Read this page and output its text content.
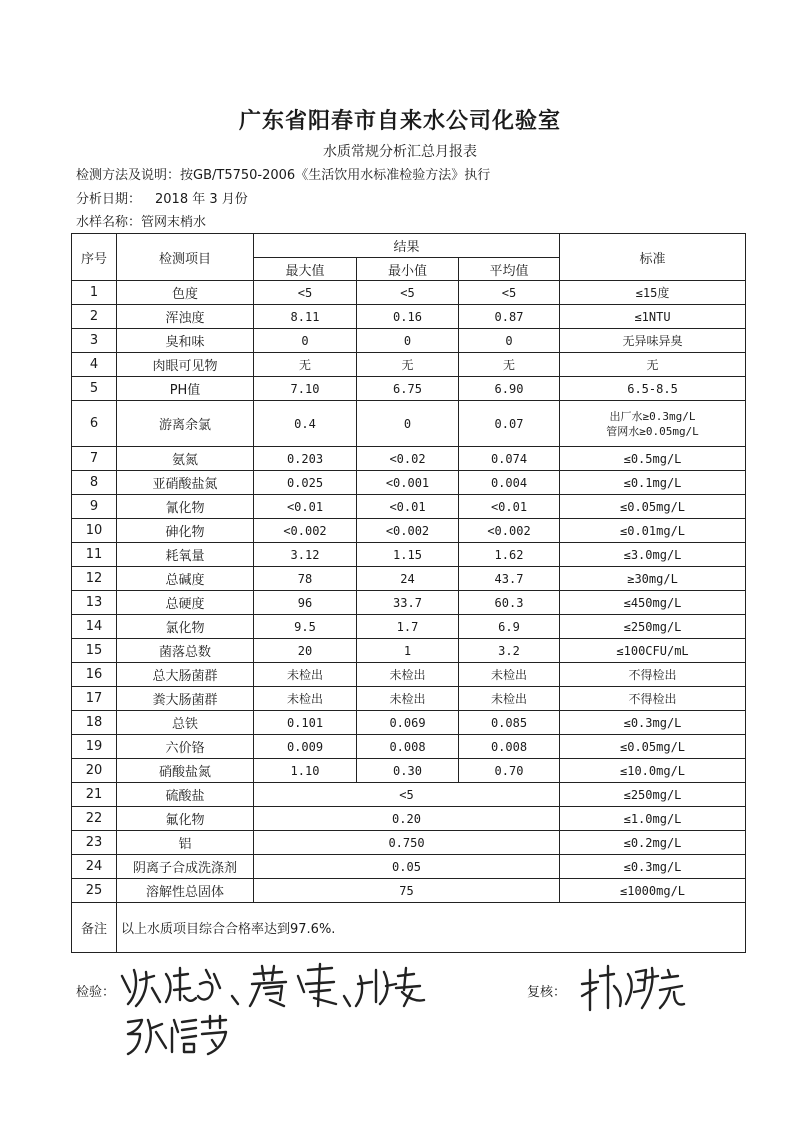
广东省阳春市自来水公司化验室
水质常规分析汇总月报表
检测方法及说明：按GB/T5750-2006《生活饮用水标准检验方法》执行
分析日期： 2018 年 3 月份
水样名称：管网末梢水
序号	检测项目	结果			标准
		最大值	最小值	平均值	
1	色度	<5	<5	<5	≤15度
2	浑浊度	8.11	0.16	0.87	≤1NTU
3	臭和味	0	0	0	无异味异臭
4	肉眼可见物	无	无	无	无
5	PH值	7.10	6.75	6.90	6.5-8.5
6	游离余氯	0.4	0	0.07	出厂水≥0.3mg/L
管网水≥0.05mg/L

7	氨氮	0.203	<0.02	0.074	≤0.5mg/L
8	亚硝酸盐氮	0.025	<0.001	0.004	≤0.1mg/L
9	氰化物	<0.01	<0.01	<0.01	≤0.05mg/L
10	砷化物	<0.002	<0.002	<0.002	≤0.01mg/L
11	耗氧量	3.12	1.15	1.62	≤3.0mg/L
12	总碱度	78	24	43.7	≥30mg/L
13	总硬度	96	33.7	60.3	≤450mg/L
14	氯化物	9.5	1.7	6.9	≤250mg/L
15	菌落总数	20	1	3.2	≤100CFU/mL
16	总大肠菌群	未检出	未检出	未检出	不得检出
17	粪大肠菌群	未检出	未检出	未检出	不得检出
18	总铁	0.101	0.069	0.085	≤0.3mg/L
19	六价铬	0.009	0.008	0.008	≤0.05mg/L
20	硝酸盐氮	1.10	0.30	0.70	≤10.0mg/L
21	硫酸盐	<5			≤250mg/L
22	氟化物	0.20			≤1.0mg/L
23	铝	0.750			≤0.2mg/L
24	阴离子合成洗涤剂	0.05			≤0.3mg/L
25	溶解性总固体	75			≤1000mg/L
备注	以上水质项目综合合格率达到97.6%.				
检验：	复核：
